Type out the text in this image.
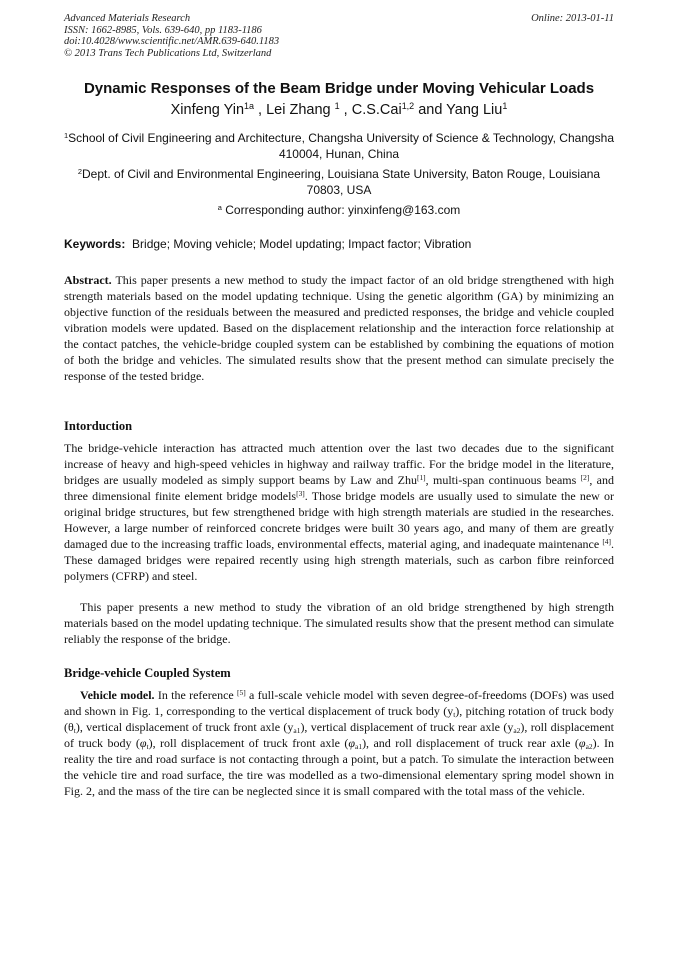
Advanced Materials Research
ISSN: 1662-8985, Vols. 639-640, pp 1183-1186
doi:10.4028/www.scientific.net/AMR.639-640.1183
© 2013 Trans Tech Publications Ltd, Switzerland
Online: 2013-01-11
Dynamic Responses of the Beam Bridge under Moving Vehicular Loads
Xinfeng Yin$^{1a}$ , Lei Zhang $^1$ , C.S.Cai$^{1,2}$ and Yang Liu$^1$
$^1$School of Civil Engineering and Architecture, Changsha University of Science & Technology, Changsha 410004, Hunan, China
$^2$Dept. of Civil and Environmental Engineering, Louisiana State University, Baton Rouge, Louisiana 70803, USA
$^a$ Corresponding author: yinxinfeng@163.com
Keywords: Bridge; Moving vehicle; Model updating; Impact factor; Vibration
Abstract. This paper presents a new method to study the impact factor of an old bridge strengthened with high strength materials based on the model updating technique. Using the genetic algorithm (GA) by minimizing an objective function of the residuals between the measured and predicted responses, the bridge and vehicle coupled vibration models were updated. Based on the displacement relationship and the interaction force relationship at the contact patches, the vehicle-bridge coupled system can be established by combining the equations of motion of both the bridge and vehicles. The simulated results show that the present method can simulate precisely the response of the tested bridge.
Intorduction
The bridge-vehicle interaction has attracted much attention over the last two decades due to the significant increase of heavy and high-speed vehicles in highway and railway traffic. For the bridge model in the literature, bridges are usually modeled as simply support beams by Law and Zhu[1], multi-span continuous beams [2], and three dimensional finite element bridge models[3]. Those bridge models are usually used to simulate the new or original bridge structures, but few strengthened bridge with high strength materials are studied in the researches. However, a large number of reinforced concrete bridges were built 30 years ago, and many of them are greatly damaged due to the increasing traffic loads, environmental effects, material aging, and inadequate maintenance [4]. These damaged bridges were repaired recently using high strength materials, such as carbon fibre reinforced polymers (CFRP) and steel.
This paper presents a new method to study the vibration of an old bridge strengthened by high strength materials based on the model updating technique. The simulated results show that the present method can simulate reliably the response of the bridge.
Bridge-vehicle Coupled System
Vehicle model. In the reference [5] a full-scale vehicle model with seven degree-of-freedoms (DOFs) was used and shown in Fig. 1, corresponding to the vertical displacement of truck body $(y_t)$, pitching rotation of truck body $(\theta_t)$, vertical displacement of truck front axle $(y_{a1})$, vertical displacement of truck rear axle $(y_{a2})$, roll displacement of truck body $(\varphi_t)$, roll displacement of truck front axle $(\varphi_{a1})$, and roll displacement of truck rear axle $(\varphi_{a2})$. In reality the tire and road surface is not contacting through a point, but a patch. To simulate the interaction between the vehicle tire and road surface, the tire was modelled as a two-dimensional elementary spring model shown in Fig. 2, and the mass of the tire can be neglected since it is small compared with the total mass of the vehicle.
